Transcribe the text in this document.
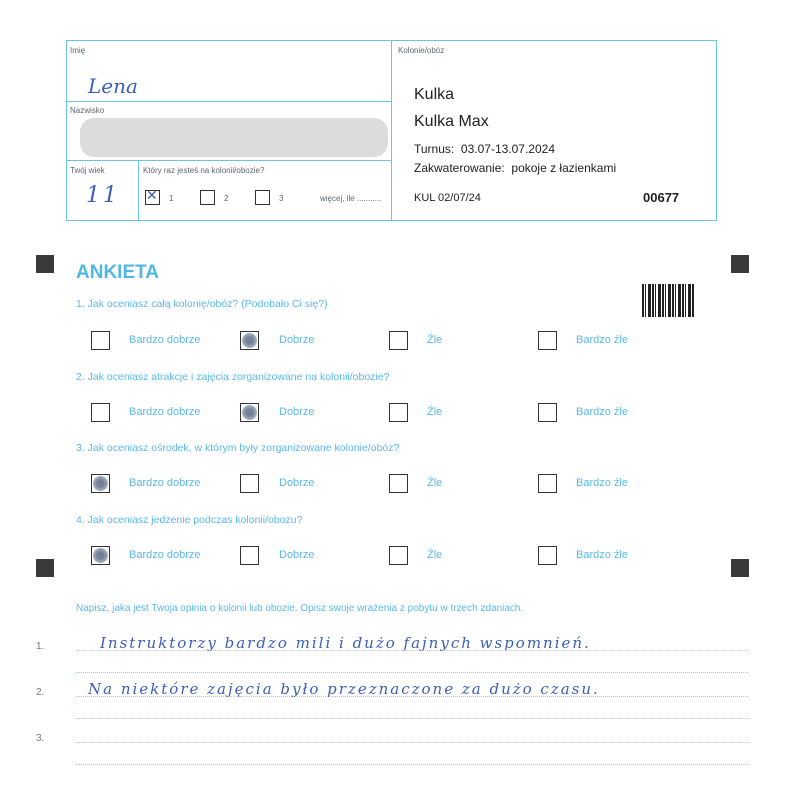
Imię
Lena
Nazwisko
Twój wiek
11
Który raz jesteś na kolonii/obozie?
✕ 1	2	3	więcej, ile ...........
Kolonie/obóz
Kulka
Kulka Max
Turnus: 03.07-13.07.2024
Zakwaterowanie: pokoje z łazienkami
KUL 02/07/24	00677
ANKIETA
1. Jak oceniasz całą kolonię/obóz? (Podobało Ci się?)
Bardzo dobrze	Dobrze	Źle	Bardzo źle
2. Jak oceniasz atrakcje i zajęcia zorganizowane na kolonii/obozie?
Bardzo dobrze	Dobrze	Źle	Bardzo źle
3. Jak oceniasz ośrodek, w którym były zorganizowane kolonie/obóz?
Bardzo dobrze	Dobrze	Źle	Bardzo źle
4. Jak oceniasz jedzenie podczas kolonii/obozu?
Bardzo dobrze	Dobrze	Źle	Bardzo źle
Napisz, jaka jest Twoja opinia o kolonii lub obozie. Opisz swoje wrażenia z pobytu w trzech zdaniach.
1.	Instruktorzy bardzo mili i dużo fajnych wspomnień.
2.	Na niektóre zajęcia było przeznaczone za dużo czasu.
3.
